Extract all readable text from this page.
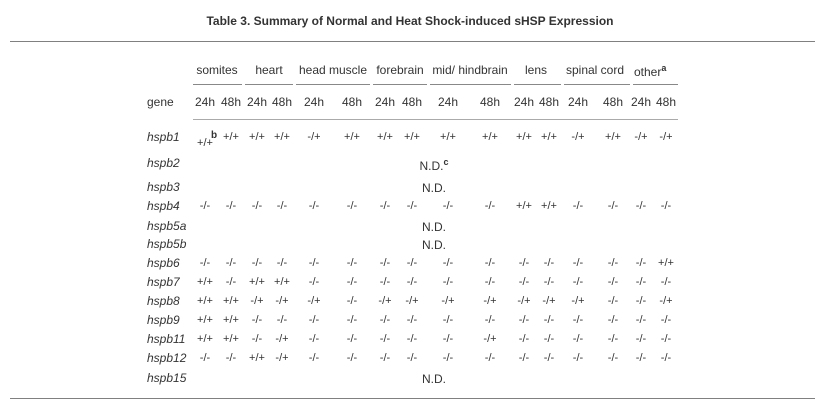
Table 3. Summary of Normal and Heat Shock-induced sHSP Expression
somites heart head muscle forebrain mid/ hindbrain lens spinal cord other$^a$
gene 24h 48h 24h 48h 24h 48h 24h 48h 24h 48h 24h 48h 24h 48h 24h 48h
hspb1 +/+ +/+ +/+ +/+ -/+ +/+ +/+ +/+ +/+ +/+ +/+ +/+ -/+ +/+ -/+ -/+
b
hspb2	N.D.$^c$
hspb3	N.D.
hspb4 -/- -/- -/- -/- -/-	-/- -/- -/- -/-	-/- +/+ +/+ -/- -/- -/- -/-
hspb5a	N.D.
hspb5b	N.D.
hspb6 -/- -/- -/- -/- -/-	-/- -/- -/- -/-	-/- -/- -/- -/- -/- -/- +/+
hspb7 +/+ -/- +/+ +/+ -/-	-/- -/- -/- -/-	-/- -/- -/- -/- -/- -/- -/-
hspb8 +/+ +/+ -/+ -/+ -/+ -/- -/+ -/+ -/+	-/+ -/+ -/+ -/+ -/- -/- -/+
hspb9 +/+ +/+ -/- -/- -/-	-/- -/- -/- -/-	-/- -/- -/- -/- -/- -/- -/-
hspb11 +/+ +/+ -/- -/+ -/-	-/- -/- -/- -/-	-/+ -/- -/- -/- -/- -/- -/-
hspb12 -/- -/- +/+ -/+ -/-	-/- -/- -/- -/-	-/- -/- -/- -/- -/- -/- -/-
hspb15	N.D.
